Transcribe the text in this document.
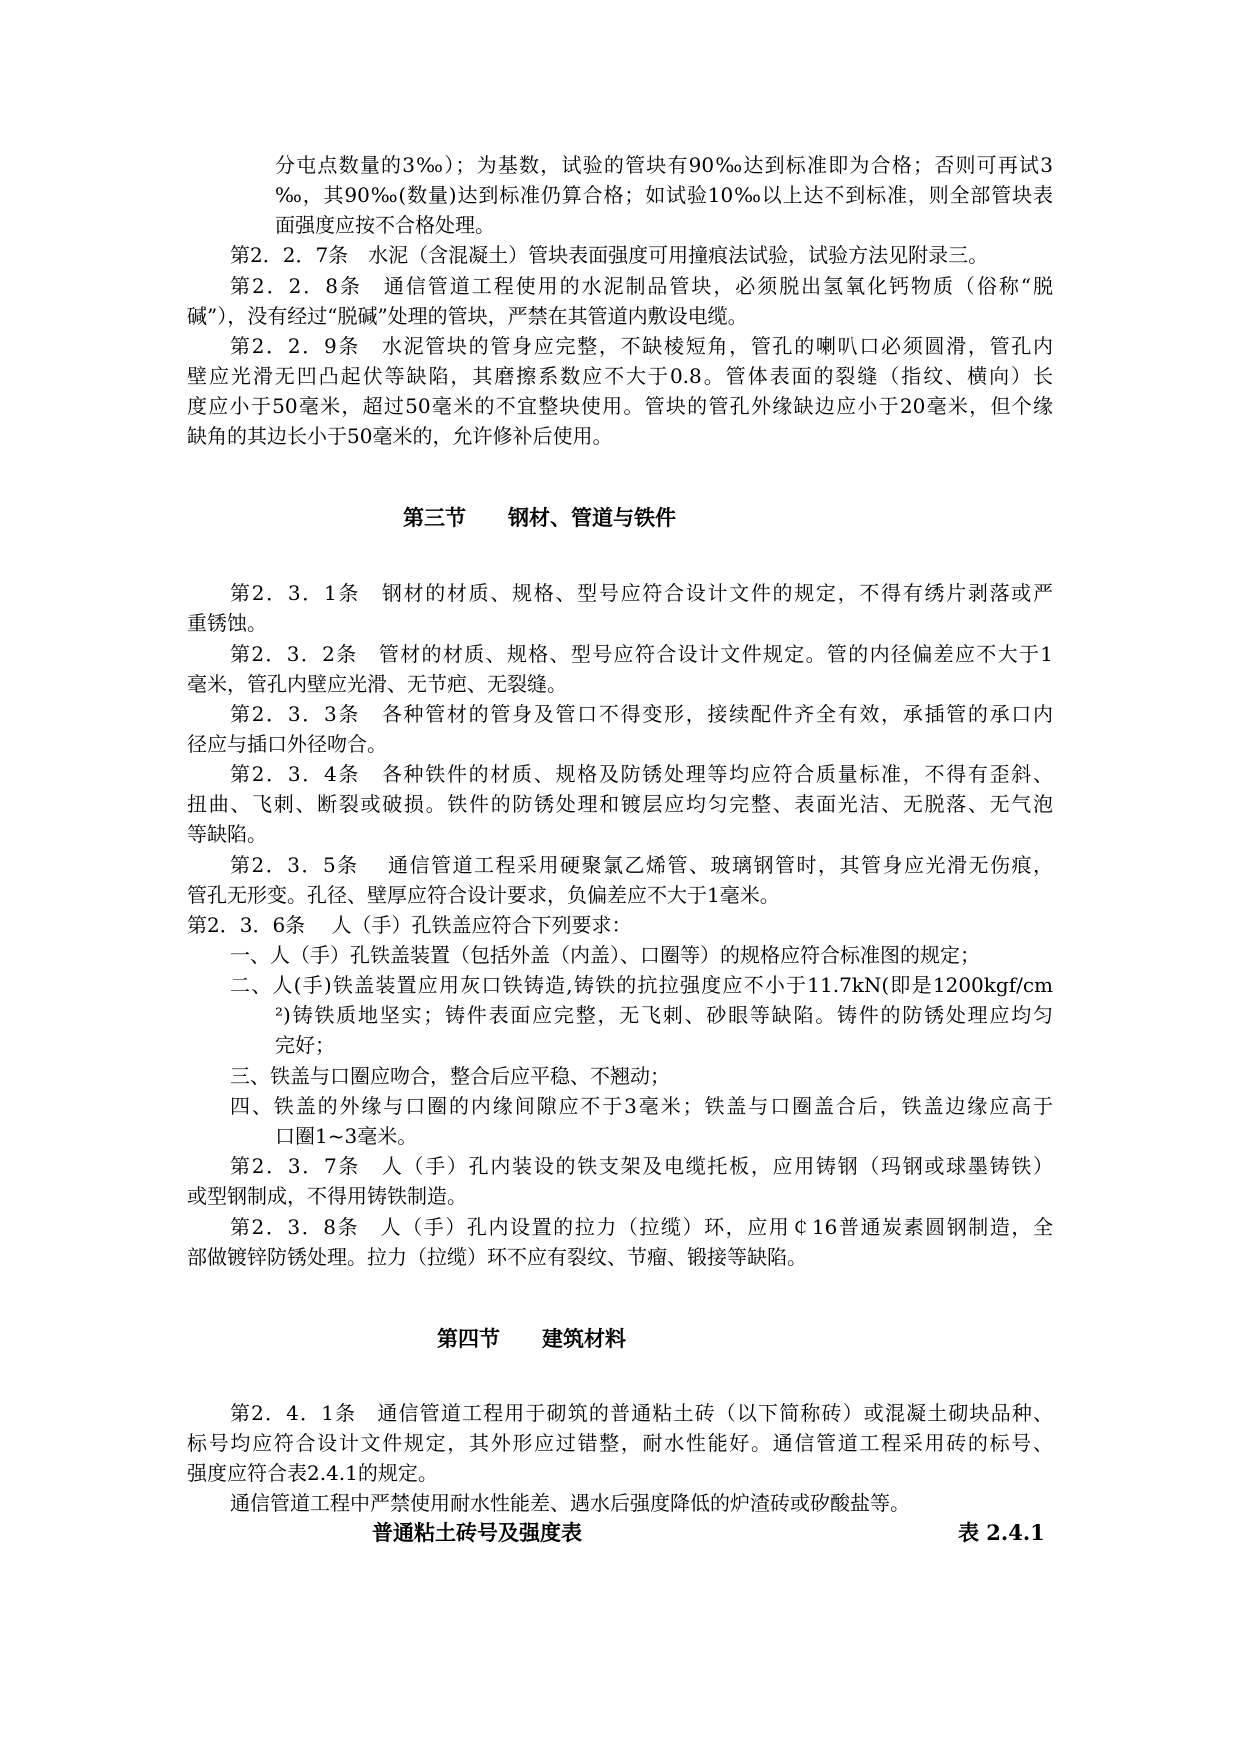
分屯点数量的3‰）；为基数，试验的管块有90‰达到标准即为合格；否则可再试3
‰，其90‰(数量)达到标准仍算合格；如试验10‰以上达不到标准，则全部管块表
面强度应按不合格处理。
第2．2．7条　水泥（含混凝土）管块表面强度可用撞痕法试验，试验方法见附录三。
第2．2．8条　通信管道工程使用的水泥制品管块，必须脱出氢氧化钙物质（俗称“脱
碱”），没有经过“脱碱”处理的管块，严禁在其管道内敷设电缆。
第2．2．9条　水泥管块的管身应完整，不缺棱短角，管孔的喇叭口必须圆滑，管孔内
壁应光滑无凹凸起伏等缺陷，其磨擦系数应不大于0.8。管体表面的裂缝（指纹、横向）长
度应小于50毫米，超过50毫米的不宜整块使用。管块的管孔外缘缺边应小于20毫米，但个缘
缺角的其边长小于50毫米的，允许修补后使用。
第三节　　钢材、管道与铁件
第2．3．1条　钢材的材质、规格、型号应符合设计文件的规定，不得有绣片剥落或严
重锈蚀。
第2．3．2条　管材的材质、规格、型号应符合设计文件规定。管的内径偏差应不大于1
毫米，管孔内壁应光滑、无节疤、无裂缝。
第2．3．3条　各种管材的管身及管口不得变形，接续配件齐全有效，承插管的承口内
径应与插口外径吻合。
第2．3．4条　各种铁件的材质、规格及防锈处理等均应符合质量标准，不得有歪斜、
扭曲、飞刺、断裂或破损。铁件的防锈处理和镀层应均匀完整、表面光洁、无脱落、无气泡
等缺陷。
第2．3．5条　 通信管道工程采用硬聚氯乙烯管、玻璃钢管时，其管身应光滑无伤痕，
管孔无形变。孔径、壁厚应符合设计要求，负偏差应不大于1毫米。
第2．3．6条　 人（手）孔铁盖应符合下列要求：
一、人（手）孔铁盖装置（包括外盖（内盖）、口圈等）的规格应符合标准图的规定；
二、人(手)铁盖装置应用灰口铁铸造,铸铁的抗拉强度应不小于11.7kN(即是1200kgf/cm
²)铸铁质地坚实；铸件表面应完整，无飞刺、砂眼等缺陷。铸件的防锈处理应均匀
完好；
三、铁盖与口圈应吻合，整合后应平稳、不翘动；
四、铁盖的外缘与口圈的内缘间隙应不于3毫米；铁盖与口圈盖合后，铁盖边缘应高于
口圈1~3毫米。
第2．3．7条　人（手）孔内装设的铁支架及电缆托板，应用铸钢（玛钢或球墨铸铁）
或型钢制成，不得用铸铁制造。
第2．3．8条　人（手）孔内设置的拉力（拉缆）环，应用￠16普通炭素圆钢制造，全
部做镀锌防锈处理。拉力（拉缆）环不应有裂纹、节瘤、锻接等缺陷。
第四节　　建筑材料
第2．4．1条　通信管道工程用于砌筑的普通粘土砖（以下简称砖）或混凝土砌块品种、
标号均应符合设计文件规定，其外形应过错整，耐水性能好。通信管道工程采用砖的标号、
强度应符合表2.4.1的规定。
通信管道工程中严禁使用耐水性能差、遇水后强度降低的炉渣砖或矽酸盐等。
普通粘土砖号及强度表	表 2.4.1
